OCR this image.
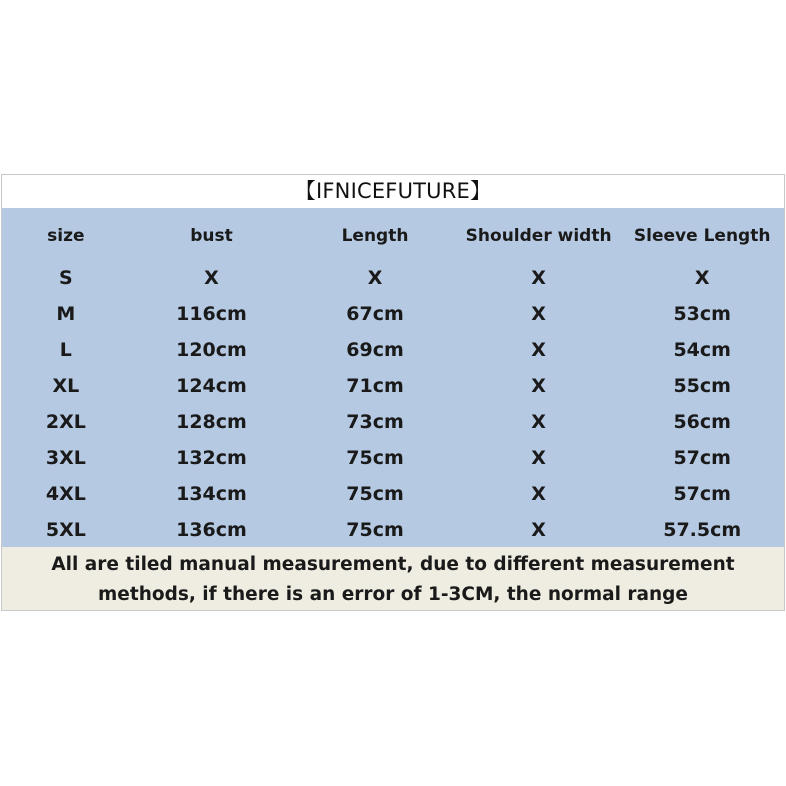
【IFNICEFUTURE】
size	bust	Length	Shoulder width	Sleeve Length
S	X	X	X	X
M	116cm	67cm	X	53cm
L	120cm	69cm	X	54cm
XL	124cm	71cm	X	55cm
2XL	128cm	73cm	X	56cm
3XL	132cm	75cm	X	57cm
4XL	134cm	75cm	X	57cm
5XL	136cm	75cm	X	57.5cm
All are tiled manual measurement, due to different measurement
methods, if there is an error of 1-3CM, the normal range
